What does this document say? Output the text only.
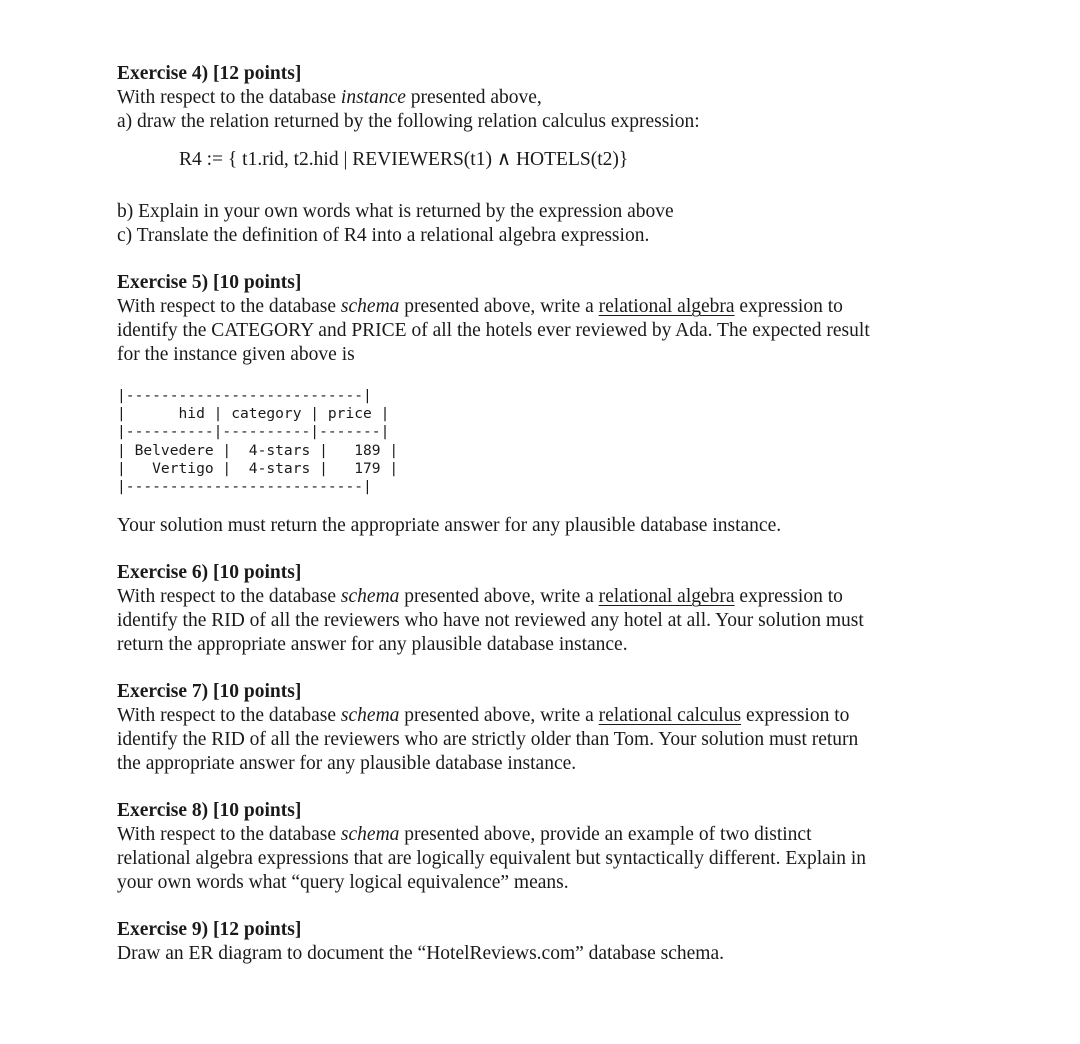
Exercise 4) [12 points]

With respect to the database instance presented above,

a) draw the relation returned by the following relation calculus expression:

R4 := { t1.rid, t2.hid | REVIEWERS(t1) ∧ HOTELS(t2)}

b) Explain in your own words what is returned by the expression above

c) Translate the definition of R4 into a relational algebra expression.

Exercise 5) [10 points]

With respect to the database schema presented above, write a relational algebra expression to

identify the CATEGORY and PRICE of all the hotels ever reviewed by Ada. The expected result

for the instance given above is

|---------------------------|
|      hid | category | price |
|----------|----------|-------|
| Belvedere |  4-stars |   189 |
|   Vertigo |  4-stars |   179 |
|---------------------------|

Your solution must return the appropriate answer for any plausible database instance.

Exercise 6) [10 points]

With respect to the database schema presented above, write a relational algebra expression to

identify the RID of all the reviewers who have not reviewed any hotel at all. Your solution must

return the appropriate answer for any plausible database instance.

Exercise 7) [10 points]

With respect to the database schema presented above, write a relational calculus expression to

identify the RID of all the reviewers who are strictly older than Tom. Your solution must return

the appropriate answer for any plausible database instance.

Exercise 8) [10 points]

With respect to the database schema presented above, provide an example of two distinct

relational algebra expressions that are logically equivalent but syntactically different. Explain in

your own words what “query logical equivalence” means.

Exercise 9) [12 points]

Draw an ER diagram to document the “HotelReviews.com” database schema.
